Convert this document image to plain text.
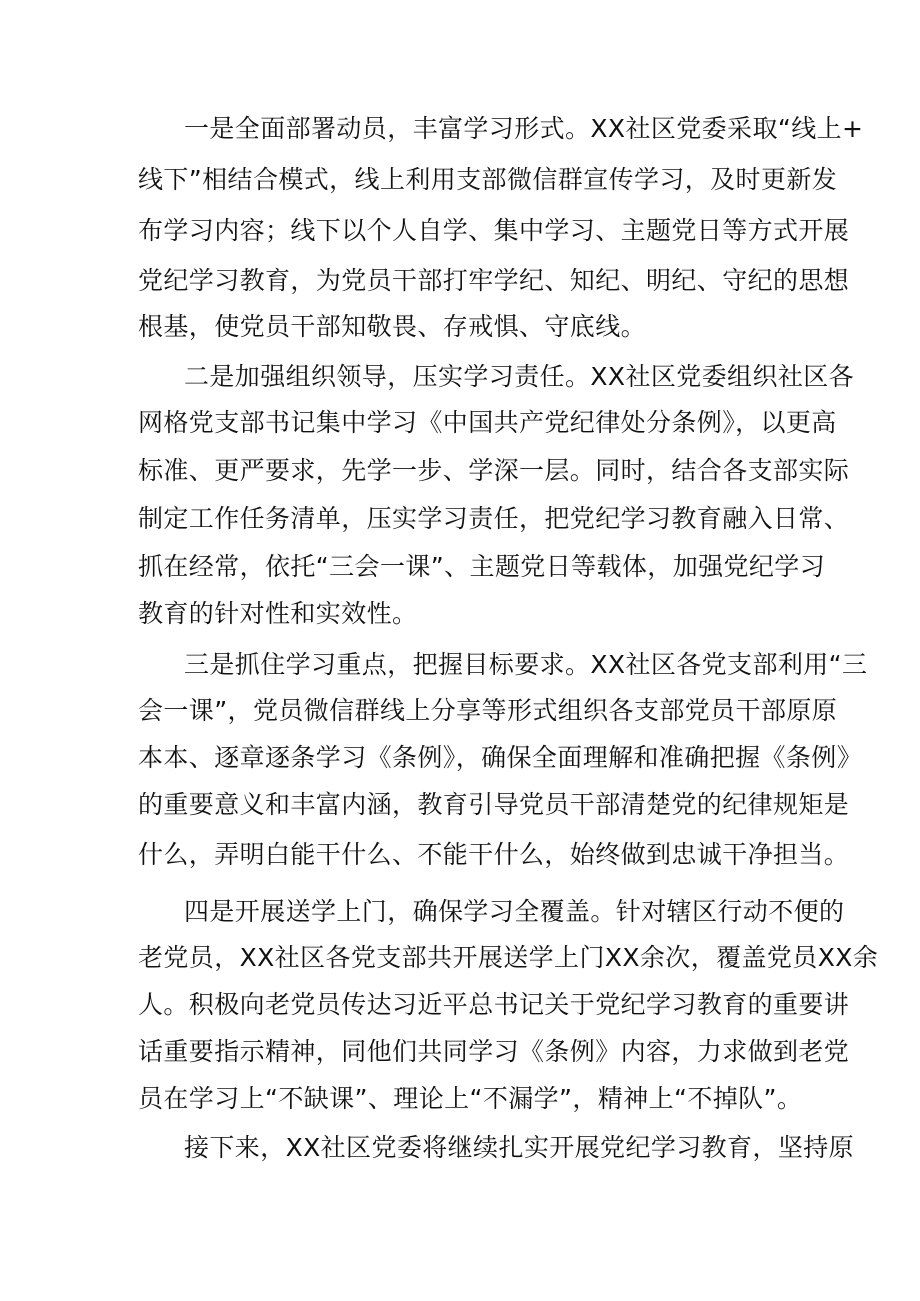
一是全面部署动员，丰富学习形式。XX社区党委采取“线上+
线下”相结合模式，线上利用支部微信群宣传学习，及时更新发
布学习内容；线下以个人自学、集中学习、主题党日等方式开展
党纪学习教育，为党员干部打牢学纪、知纪、明纪、守纪的思想
根基，使党员干部知敬畏、存戒惧、守底线。
二是加强组织领导，压实学习责任。XX社区党委组织社区各
网格党支部书记集中学习《中国共产党纪律处分条例》，以更高
标准、更严要求，先学一步、学深一层。同时，结合各支部实际
制定工作任务清单，压实学习责任，把党纪学习教育融入日常、
抓在经常，依托“三会一课”、主题党日等载体，加强党纪学习
教育的针对性和实效性。
三是抓住学习重点，把握目标要求。XX社区各党支部利用“三
会一课”，党员微信群线上分享等形式组织各支部党员干部原原
本本、逐章逐条学习《条例》，确保全面理解和准确把握《条例》
的重要意义和丰富内涵，教育引导党员干部清楚党的纪律规矩是
什么，弄明白能干什么、不能干什么，始终做到忠诚干净担当。
四是开展送学上门，确保学习全覆盖。针对辖区行动不便的
老党员，XX社区各党支部共开展送学上门XX余次，覆盖党员XX余
人。积极向老党员传达习近平总书记关于党纪学习教育的重要讲
话重要指示精神，同他们共同学习《条例》内容，力求做到老党
员在学习上“不缺课”、理论上“不漏学”，精神上“不掉队”。
接下来，XX社区党委将继续扎实开展党纪学习教育，坚持原
